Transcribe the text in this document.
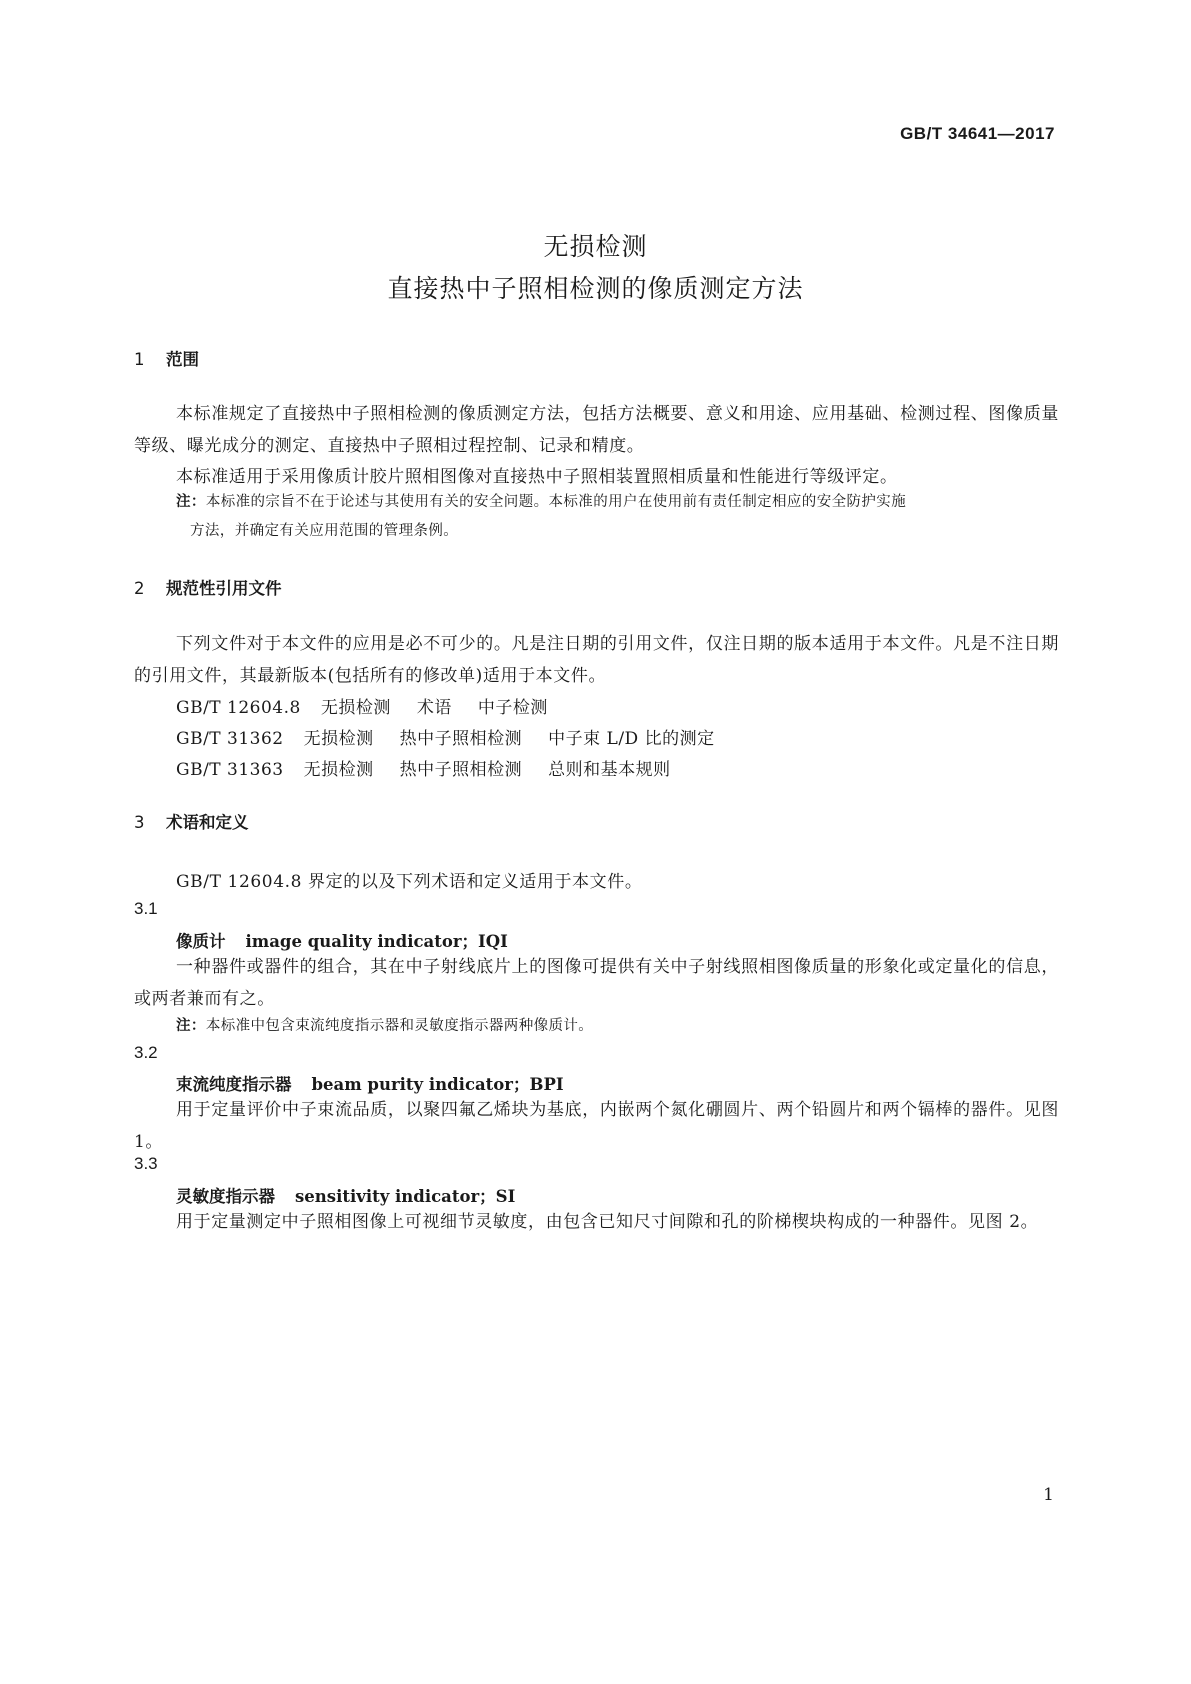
GB/T 34641—2017
无损检测
直接热中子照相检测的像质测定方法
1 范围
本标准规定了直接热中子照相检测的像质测定方法，包括方法概要、意义和用途、应用基础、检测过程、图像质量等级、曝光成分的测定、直接热中子照相过程控制、记录和精度。
本标准适用于采用像质计胶片照相图像对直接热中子照相装置照相质量和性能进行等级评定。
注：本标准的宗旨不在于论述与其使用有关的安全问题。本标准的用户在使用前有责任制定相应的安全防护实施
方法，并确定有关应用范围的管理条例。
2 规范性引用文件
下列文件对于本文件的应用是必不可少的。凡是注日期的引用文件，仅注日期的版本适用于本文件。凡是不注日期的引用文件，其最新版本(包括所有的修改单)适用于本文件。
GB/T 12604.8 无损检测 术语 中子检测
GB/T 31362 无损检测 热中子照相检测 中子束 L/D 比的测定
GB/T 31363 无损检测 热中子照相检测 总则和基本规则
3 术语和定义
GB/T 12604.8 界定的以及下列术语和定义适用于本文件。
3.1
像质计 image quality indicator；IQI
一种器件或器件的组合，其在中子射线底片上的图像可提供有关中子射线照相图像质量的形象化或定量化的信息，或两者兼而有之。
注：本标准中包含束流纯度指示器和灵敏度指示器两种像质计。
3.2
束流纯度指示器 beam purity indicator；BPI
用于定量评价中子束流品质，以聚四氟乙烯块为基底，内嵌两个氮化硼圆片、两个铅圆片和两个镉棒的器件。见图 1。
3.3
灵敏度指示器 sensitivity indicator；SI
用于定量测定中子照相图像上可视细节灵敏度，由包含已知尺寸间隙和孔的阶梯楔块构成的一种器件。见图 2。
1
